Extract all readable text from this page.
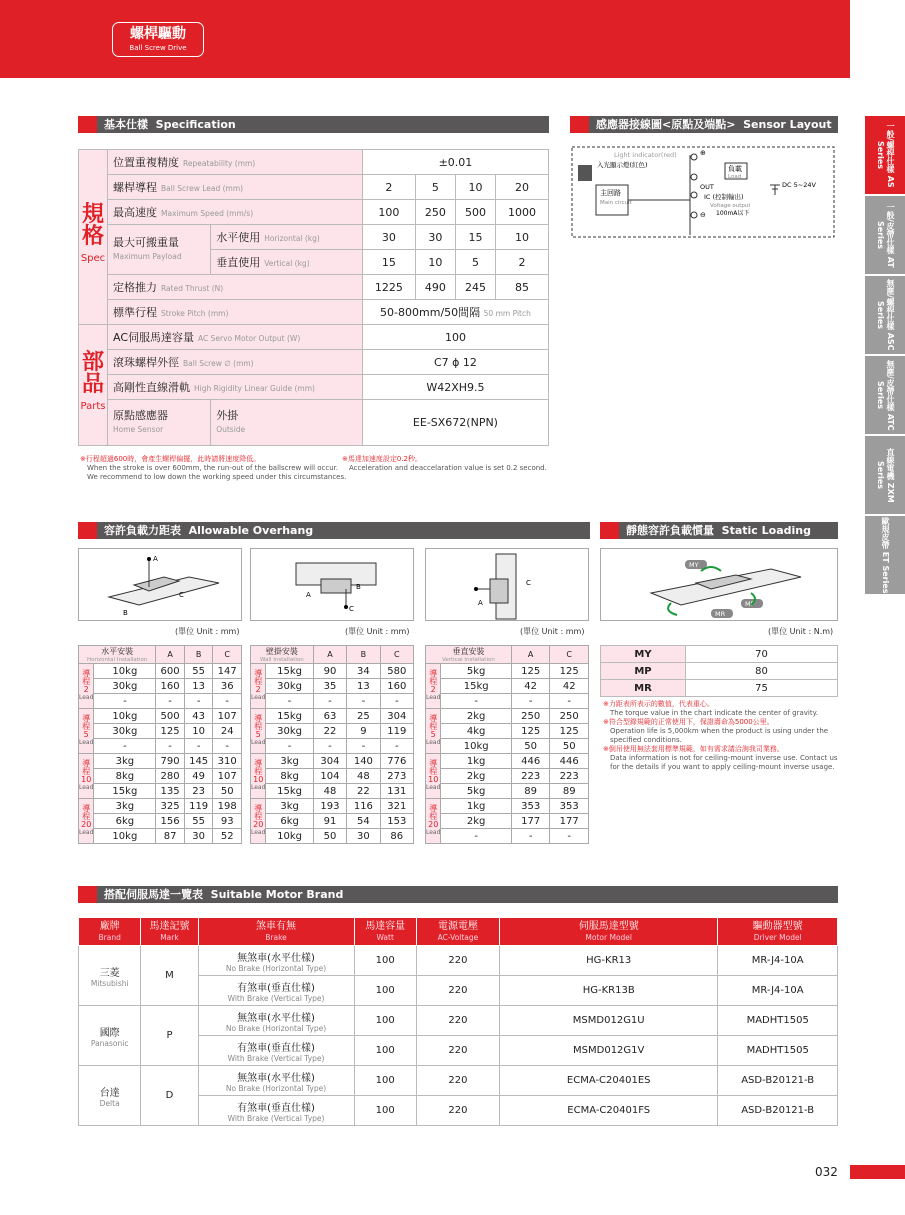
螺桿驅動
Ball Screw Drive
一般/螺桿仕樣 AS Series
一般/皮帶仕樣 AT Series
無塵/螺桿仕樣 ASC Series
無塵/皮帶仕樣 ATC Series
直線電機 ZXM Series
歐規皮帶 ET Series
基本仕樣 Specification	感應器接線圖<原點及端點> Sensor Layout
規格
Spec	位置重複精度 Repeatability (mm)		±0.01			
	螺桿導程 Ball Screw Lead (mm)		2	5	10	20
	最高速度 Maximum Speed (mm/s)		100	250	500	1000
	最大可搬重量
Maximum Payload	水平使用 Horizontal (kg)	30	30	15	10
		垂直使用 Vertical (kg)	15	10	5	2
	定格推力 Rated Thrust (N)		1225	490	245	85
	標準行程 Stroke Pitch (mm)		50-800mm/50間隔 50 mm Pitch			
部品
Parts	AC伺服馬達容量 AC Servo Motor Output (W)		100			
	滾珠螺桿外徑 Ball Screw ∅ (mm)		C7 ϕ 12			
	高剛性直線滑軌 High Rigidity Linear Guide (mm)		W42XH9.5			
	原點感應器
Home Sensor	外掛
Outside	EE-SX672(NPN)			
※行程超過600時，會產生螺桿偏擺，此時請將速度降低。
When the stroke is over 600mm, the run-out of the ballscrew will occur.
We recommend to low down the working speed under this circumstances.
※馬達加速度設定0.2秒。
Acceleration and deaccelaration value is set 0.2 second.
Light indicator(red)
入光顯示燈(紅色)
主回路
Main circuit
⊕
⊖
OUT
IC (控制輸出)
Voltage output
100mA以下
負載
Load
DC 5~24V
容許負載力距表 Allowable Overhang	靜態容許負載慣量 Static Loading Moment
A
C
B
A
B
C
A
C
(單位 Unit : mm)	(單位 Unit : mm)	(單位 Unit : mm)
水平安裝
Horizontal Installation		A	B	C
導程
2
Lead	10kg	600	55	147
	30kg	160	13	36
	-	-	-	-
導程
5
Lead	10kg	500	43	107
	30kg	125	10	24
	-	-	-	-
導程
10
Lead	3kg	790	145	310
	8kg	280	49	107
	15kg	135	23	50
導程
20
Lead	3kg	325	119	198
	6kg	156	55	93
	10kg	87	30	52
壁掛安裝
Wall Installation		A	B	C
導程
2
Lead	15kg	90	34	580
	30kg	35	13	160
	-	-	-	-
導程
5
Lead	15kg	63	25	304
	30kg	22	9	119
	-	-	-	-
導程
10
Lead	3kg	304	140	776
	8kg	104	48	273
	15kg	48	22	131
導程
20
Lead	3kg	193	116	321
	6kg	91	54	153
	10kg	50	30	86
垂直安裝
Vertical Installation		A	C
導程
2
Lead	5kg	125	125
	15kg	42	42
	-	-	-
導程
5
Lead	2kg	250	250
	4kg	125	125
	10kg	50	50
導程
10
Lead	1kg	446	446
	2kg	223	223
	5kg	89	89
導程
20
Lead	1kg	353	353
	2kg	177	177
	-	-	-
MY
MP
MR
(單位 Unit : N.m)
MY	70
MP	80
MR	75
※力距表所表示的數值，代表重心。
The torque value in the chart indicate the center of gravity.
※符合型錄規範的正常使用下，保證壽命為5000公里。
Operation life is 5,000km when the product is using under the specified conditions.
※倒吊使用無法套用標準規範，如有需求請洽詢我司業務。
Data information is not for ceiling-mount inverse use. Contact us for the details if you want to apply ceiling-mount inverse usage.
搭配伺服馬達一覽表 Suitable Motor Brand
廠牌
Brand	馬達記號
Mark	煞車有無
Brake	馬達容量
Watt	電源電壓
AC-Voltage	伺服馬達型號
Motor Model	驅動器型號
Driver Model

三菱
Mitsubishi	M	無煞車(水平仕樣)
No Brake (Horizontal Type)	100	220	HG-KR13	MR-J4-10A
		有煞車(垂直仕樣)
With Brake (Vertical Type)	100	220	HG-KR13B	MR-J4-10A
國際
Panasonic	P	無煞車(水平仕樣)
No Brake (Horizontal Type)	100	220	MSMD012G1U	MADHT1505
		有煞車(垂直仕樣)
With Brake (Vertical Type)	100	220	MSMD012G1V	MADHT1505
台達
Delta	D	無煞車(水平仕樣)
No Brake (Horizontal Type)	100	220	ECMA-C20401ES	ASD-B20121-B
		有煞車(垂直仕樣)
With Brake (Vertical Type)	100	220	ECMA-C20401FS	ASD-B20121-B
032
